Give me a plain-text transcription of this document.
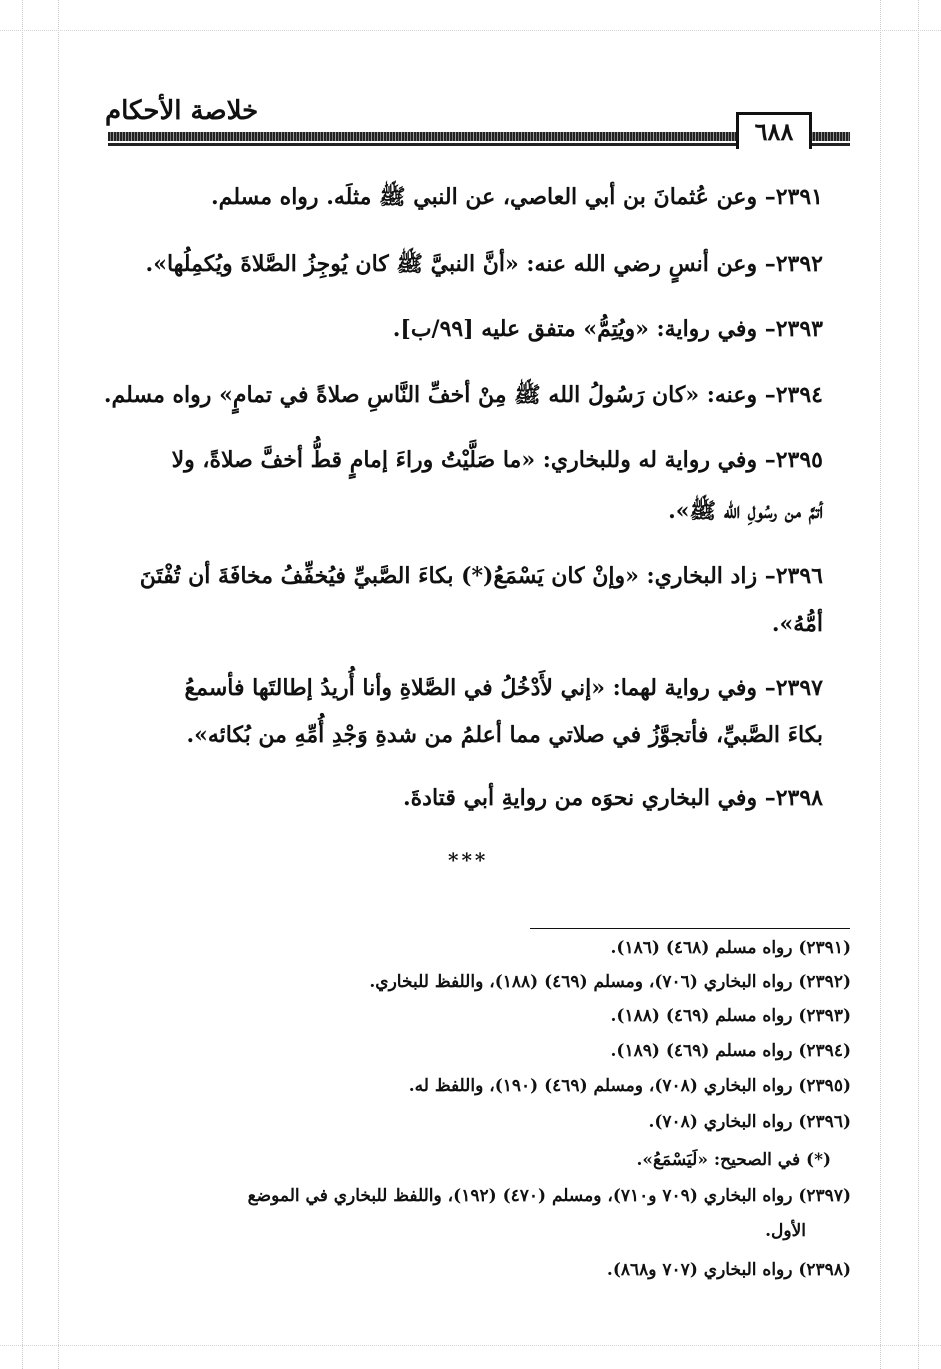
خلاصة الأحكام
٦٨٨

٢٣٩١– وعن عُثمانَ بن أبي العاصي، عن النبي ﷺ مثلَه. رواه مسلم.

٢٣٩٢– وعن أنسٍ رضي الله عنه: «أنَّ النبيَّ ﷺ كان يُوجِزُ الصَّلاةَ ويُكمِلُها».

٢٣٩٣– وفي رواية: «ويُتِمُّ» متفق عليه [٩٩/ب].

٢٣٩٤– وعنه: «كان رَسُولُ الله ﷺ مِنْ أخفِّ النَّاسِ صلاةً في تمامٍ» رواه مسلم.

٢٣٩٥– وفي رواية له وللبخاري: «ما صَلَّيْتُ وراءَ إمامٍ قطُّ أخفَّ صلاةً، ولا

أتمَّ من رسُولِ الله ﷺ».

٢٣٩٦– زاد البخاري: «وإنْ كان يَسْمَعُ(*) بكاءَ الصَّبيِّ فيُخفِّفُ مخافَةَ أن تُفْتَنَ

أمُّهُ».

٢٣٩٧– وفي رواية لهما: «إني لأَدْخُلُ في الصَّلاةِ وأنا أُريدُ إطالتَها فأسمعُ

بكاءَ الصَّبيِّ، فأتجوَّزُ في صلاتي مما أعلمُ من شدةِ وَجْدِ أُمِّهِ من بُكائه».

٢٣٩٨– وفي البخاري نحوَه من روايةِ أبي قتادةَ.

***

(٢٣٩١) رواه مسلم (٤٦٨) (١٨٦).

(٢٣٩٢) رواه البخاري (٧٠٦)، ومسلم (٤٦٩) (١٨٨)، واللفظ للبخاري.

(٢٣٩٣) رواه مسلم (٤٦٩) (١٨٨).

(٢٣٩٤) رواه مسلم (٤٦٩) (١٨٩).

(٢٣٩٥) رواه البخاري (٧٠٨)، ومسلم (٤٦٩) (١٩٠)، واللفظ له.

(٢٣٩٦) رواه البخاري (٧٠٨).

(*) في الصحيح: «لَيَسْمَعُ».

(٢٣٩٧) رواه البخاري (٧٠٩ و٧١٠)، ومسلم (٤٧٠) (١٩٢)، واللفظ للبخاري في الموضع

الأول.

(٢٣٩٨) رواه البخاري (٧٠٧ و٨٦٨).
